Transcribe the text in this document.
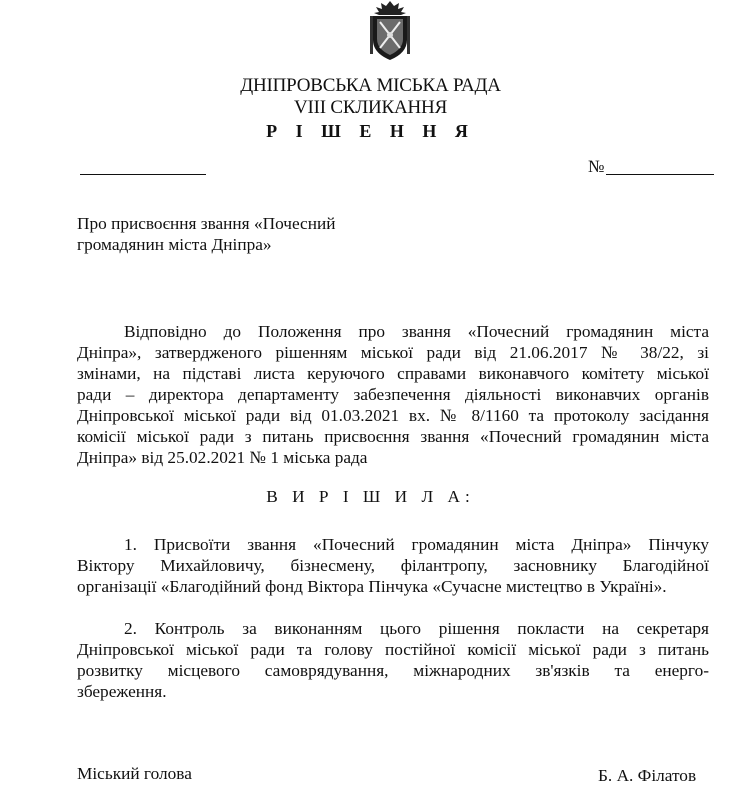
ДНІПРОВСЬКА МІСЬКА РАДА
VIII СКЛИКАННЯ
Р І Ш Е Н Н Я
№
Про присвоєння звання «Почесний
громадянин міста Дніпра»
Відповідно до Положення про звання «Почесний громадянин міста
Дніпра», затвердженого рішенням міської ради від 21.06.2017 № 38/22, зі
змінами, на підставі листа керуючого справами виконавчого комітету міської
ради – директора департаменту забезпечення діяльності виконавчих органів
Дніпровської міської ради від 01.03.2021 вх. № 8/1160 та протоколу засідання
комісії міської ради з питань присвоєння звання «Почесний громадянин міста
Дніпра» від 25.02.2021 № 1 міська рада
В И Р І Ш И Л А:
1. Присвоїти звання «Почесний громадянин міста Дніпра» Пінчуку
Віктору Михайловичу, бізнесмену, філантропу, засновнику Благодійної
організації «Благодійний фонд Віктора Пінчука «Сучасне мистецтво в Україні».
2. Контроль за виконанням цього рішення покласти на секретаря
Дніпровської міської ради та голову постійної комісії міської ради з питань
розвитку місцевого самоврядування, міжнародних зв'язків та енерго-
збереження.
Міський голова	Б. А. Філатов
